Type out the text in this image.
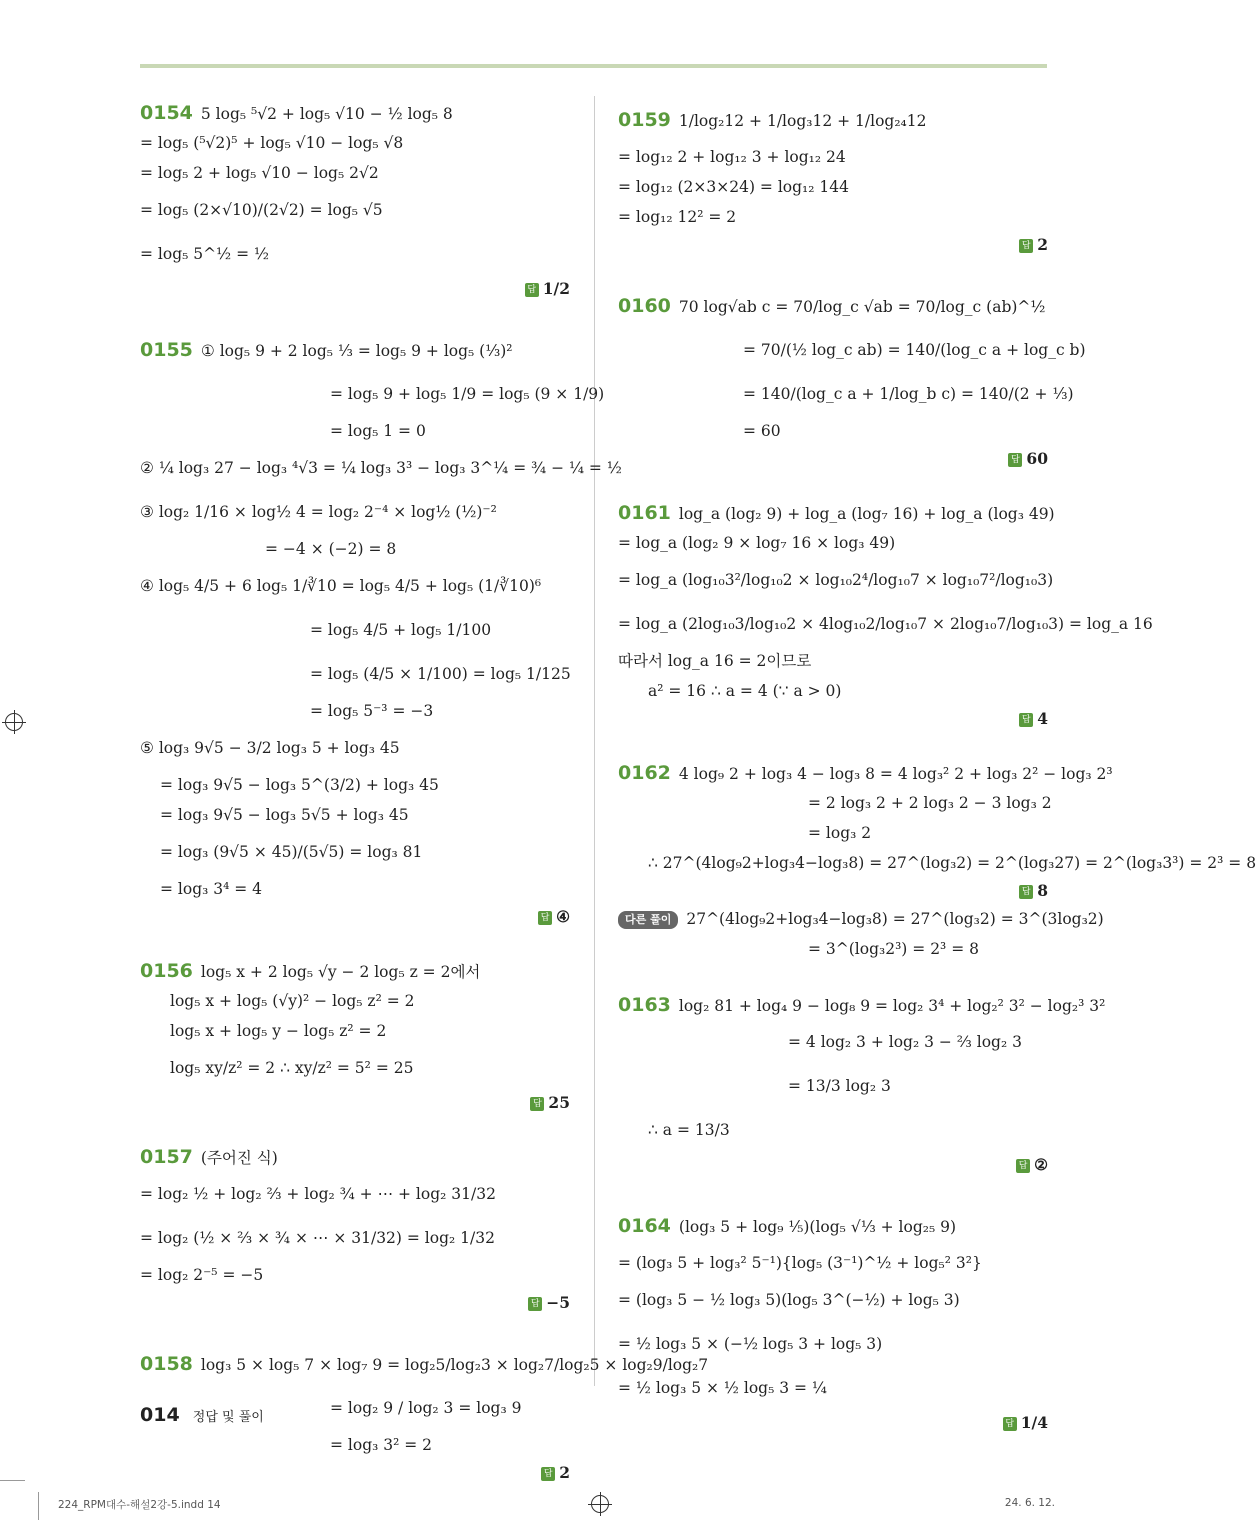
0154 5 log₅ ⁵√2 + log₅ √10 − ½ log₅ 8
= log₅ (⁵√2)⁵ + log₅ √10 − log₅ √8
= log₅ 2 + log₅ √10 − log₅ 2√2
= log₅ (2×√10)/(2√2) = log₅ √5
= log₅ 5^½ = ½
답 1/2
0155 ① log₅ 9 + 2 log₅ ⅓ = log₅ 9 + log₅ (⅓)²
= log₅ 9 + log₅ 1/9 = log₅ (9 × 1/9)
= log₅ 1 = 0
② ¼ log₃ 27 − log₃ ⁴√3 = ¼ log₃ 3³ − log₃ 3^¼ = ¾ − ¼ = ½
③ log₂ 1/16 × log½ 4 = log₂ 2⁻⁴ × log½ (½)⁻²
= −4 × (−2) = 8
④ log₅ 4/5 + 6 log₅ 1/∛10 = log₅ 4/5 + log₅ (1/∛10)⁶
= log₅ 4/5 + log₅ 1/100
= log₅ (4/5 × 1/100) = log₅ 1/125
= log₅ 5⁻³ = −3
⑤ log₃ 9√5 − 3/2 log₃ 5 + log₃ 45
= log₃ 9√5 − log₃ 5^(3/2) + log₃ 45
= log₃ 9√5 − log₃ 5√5 + log₃ 45
= log₃ (9√5 × 45)/(5√5) = log₃ 81
= log₃ 3⁴ = 4
답 ④
0156 log₅ x + 2 log₅ √y − 2 log₅ z = 2에서
log₅ x + log₅ (√y)² − log₅ z² = 2
log₅ x + log₅ y − log₅ z² = 2
log₅ xy/z² = 2 ∴ xy/z² = 5² = 25
답 25
0157 (주어진 식)
= log₂ ½ + log₂ ⅔ + log₂ ¾ + ⋯ + log₂ 31/32
= log₂ (½ × ⅔ × ¾ × ⋯ × 31/32) = log₂ 1/32
= log₂ 2⁻⁵ = −5
답 −5
0158 log₃ 5 × log₅ 7 × log₇ 9 = log₂5/log₂3 × log₂7/log₂5 × log₂9/log₂7
= log₂ 9 / log₂ 3 = log₃ 9
= log₃ 3² = 2
답 2
0159 1/log₂12 + 1/log₃12 + 1/log₂₄12
= log₁₂ 2 + log₁₂ 3 + log₁₂ 24
= log₁₂ (2×3×24) = log₁₂ 144
= log₁₂ 12² = 2
답 2
0160 70 log√ab c = 70/log_c √ab = 70/log_c (ab)^½
= 70/(½ log_c ab) = 140/(log_c a + log_c b)
= 140/(log_c a + 1/log_b c) = 140/(2 + ⅓)
= 60
답 60
0161 log_a (log₂ 9) + log_a (log₇ 16) + log_a (log₃ 49)
= log_a (log₂ 9 × log₇ 16 × log₃ 49)
= log_a (log₁₀3²/log₁₀2 × log₁₀2⁴/log₁₀7 × log₁₀7²/log₁₀3)
= log_a (2log₁₀3/log₁₀2 × 4log₁₀2/log₁₀7 × 2log₁₀7/log₁₀3) = log_a 16
따라서 log_a 16 = 2이므로
a² = 16 ∴ a = 4 (∵ a > 0)
답 4
0162 4 log₉ 2 + log₃ 4 − log₃ 8 = 4 log₃² 2 + log₃ 2² − log₃ 2³
= 2 log₃ 2 + 2 log₃ 2 − 3 log₃ 2
= log₃ 2
∴ 27^(4log₉2+log₃4−log₃8) = 27^(log₃2) = 2^(log₃27) = 2^(log₃3³) = 2³ = 8
답 8
다른 풀이 27^(4log₉2+log₃4−log₃8) = 27^(log₃2) = 3^(3log₃2)
= 3^(log₃2³) = 2³ = 8
0163 log₂ 81 + log₄ 9 − log₈ 9 = log₂ 3⁴ + log₂² 3² − log₂³ 3²
= 4 log₂ 3 + log₂ 3 − ⅔ log₂ 3
= 13/3 log₂ 3
∴ a = 13/3
답 ②
0164 (log₃ 5 + log₉ ⅕)(log₅ √⅓ + log₂₅ 9)
= (log₃ 5 + log₃² 5⁻¹){log₅ (3⁻¹)^½ + log₅² 3²}
= (log₃ 5 − ½ log₃ 5)(log₅ 3^(−½) + log₅ 3)
= ½ log₃ 5 × (−½ log₅ 3 + log₅ 3)
= ½ log₃ 5 × ½ log₅ 3 = ¼
답 1/4
014 정답 및 풀이
224_RPM대수-해설2강-5.indd 14	24. 6. 12.
